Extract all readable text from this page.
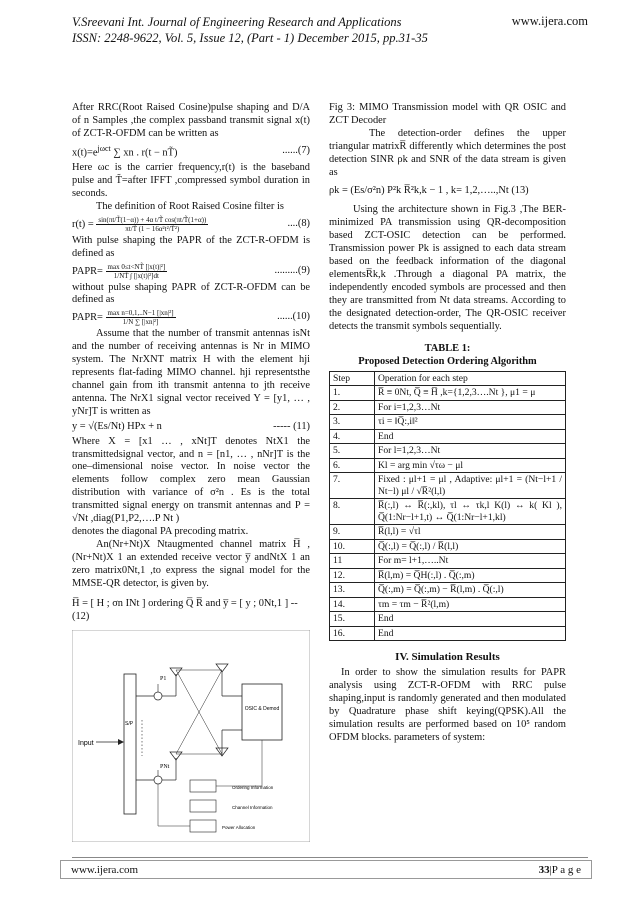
V.Sreevani Int. Journal of Engineering Research and Applications
ISSN: 2248-9622, Vol. 5, Issue 12, (Part - 1) December 2015, pp.31-35
www.ijera.com

After RRC(Root Raised Cosine)pulse shaping and D/A of n Samples ,the complex passband transmit signal x(t) of ZCT-R-OFDM can be written as

$x(t)=e^{j\omega ct}$ ∑ xn . r(t − nT̃)	......(7)

Here ωc is the carrier frequency,r(t) is the baseband pulse and T̃=after IFFT ,compressed symbol duration in seconds.

The definition of Root Raised Cosine filter is

$r(t) = \frac{\text{sin(πt/T̃(1−α)) + 4α t/T̃ cos(πt/T̃(1+α))}}{\text{πt/T̃ (1 − 16α²t²/T̃²)}}$	....(8)

With pulse shaping the PAPR of the ZCT-R-OFDM is defined as

PAPR= $\frac{\text{max 0≤t<NT̃ [|x(t)|²]}}{\text{1/NT̃ ∫ [|x(t)|²]dt}}$	.........(9)

without pulse shaping PAPR of ZCT-R-OFDM can be defined as

PAPR= $\frac{\text{max n=0,1,..N−1 [|xn|²]}}{\text{1/N ∑ [|xn|²]}}$	......(10)

Assume that the number of transmit antennas isNt and the number of receiving antennas is Nr in MIMO system. The NrXNT matrix H with the element hji represents flat-fading MIMO channel. hji representsthe channel gain from ith transmit antenna to jth receive antenna. The NrX1 signal vector received Y = [y1, … , yNr]T is written as

y = √(Es/Nt) HPx + n	----- (11)

Where X = [x1 … , xNt]T denotes NtX1 the transmittedsignal vector, and n = [n1, … , nNr]T is the one–dimensional noise vector. In noise vector the elements follow complex zero mean Gaussian distribution with variance of σ²n . Es is the total transmitted signal energy on transmit antennas and P = √Nt ,diag(P1,P2,….P Nt )

denotes the diagonal PA precoding matrix.

An(Nr+Nt)X Ntaugmented channel matrix H̅ ,(Nr+Nt)X 1 an extended receive vector y̅ andNtX 1 an zero matrix0Nt,1 ,to express the signal model for the MMSE-QR detector, is given by.

H̅ = [ H ; σn INt ] ordering Q̅ R̅ and y̅ = [ y ; 0Nt,1 ] --
(12)
Input
S/P
P1
PNt
OSIC & Demod
Ordering Information
Channel Information
Power Allocation

Fig 3: MIMO Transmission model with QR OSIC and ZCT Decoder

The detection-order defines the upper triangular matrixR̅ differently which determines the post detection SINR ρk and SNR of the data stream is given as

ρk = (Es/σ²n) P²k R̅²k,k − 1 , k= 1,2,…..,Nt (13)

Using the architecture shown in Fig.3 ,The BER-minimized PA transmission using QR-decomposition based ZCT-OSIC detection can be performed. Transmission power Pk is assigned to each data stream based on the feedback information of the diagonal elementsR̅k,k .Through a diagonal PA matrix, the independently encoded symbols are processed and then they are transmitted from Nt data streams. According to the designated detection-order, The QR-OSIC receiver detects the transmit symbols sequentially.

TABLE 1:
Proposed Detection Ordering Algorithm
Step	Operation for each step
1.	R̅ ≡ 0Nt, Q̅ ≡ H̅ ,k={1,2,3….Nt }, μ1 = μ
2.	For i=1,2,3…Nt
3.	τi = ‖Q̅:,i‖²
4.	End
5.	For l=1,2,3…Nt
6.	Kl = arg min √τω − μl
7.	Fixed : μl+1 = μl , Adaptive: μl+1 = (Nt−l+1 / Nt−l) μl / √R̅²(l,l)
8.	R̅(:,l) ↔ R̅(:,kl), τl ↔ τk,l K(l) ↔ k( Kl ), Q̅(1:Nr−l+1,t) ↔ Q̅(1:Nr−l+1,kl)
9.	R̅(l,l) = √τl
10.	Q̅(:,l) = Q̅(:,l) / R̅(l,l)
11	For m= l+1,…..Nt
12.	R̅(l,m) = Q̅H(:,l) . Q̅(:,m)
13.	Q̅(:,m) = Q̅(:,m) − R̅(l,m) . Q̅(:,l)
14.	τm = τm − R̅²(l,m)
15.	End
16.	End
IV. Simulation Results

In order to show the simulation results for PAPR analysis using ZCT-R-OFDM with RRC pulse shaping,input is randomly generated and then modulated by Quadrature phase shift keying(QPSK).All the simulation results are performed based on 10⁵ random OFDM blocks. parameters of system:

www.ijera.com	33|P a g e
